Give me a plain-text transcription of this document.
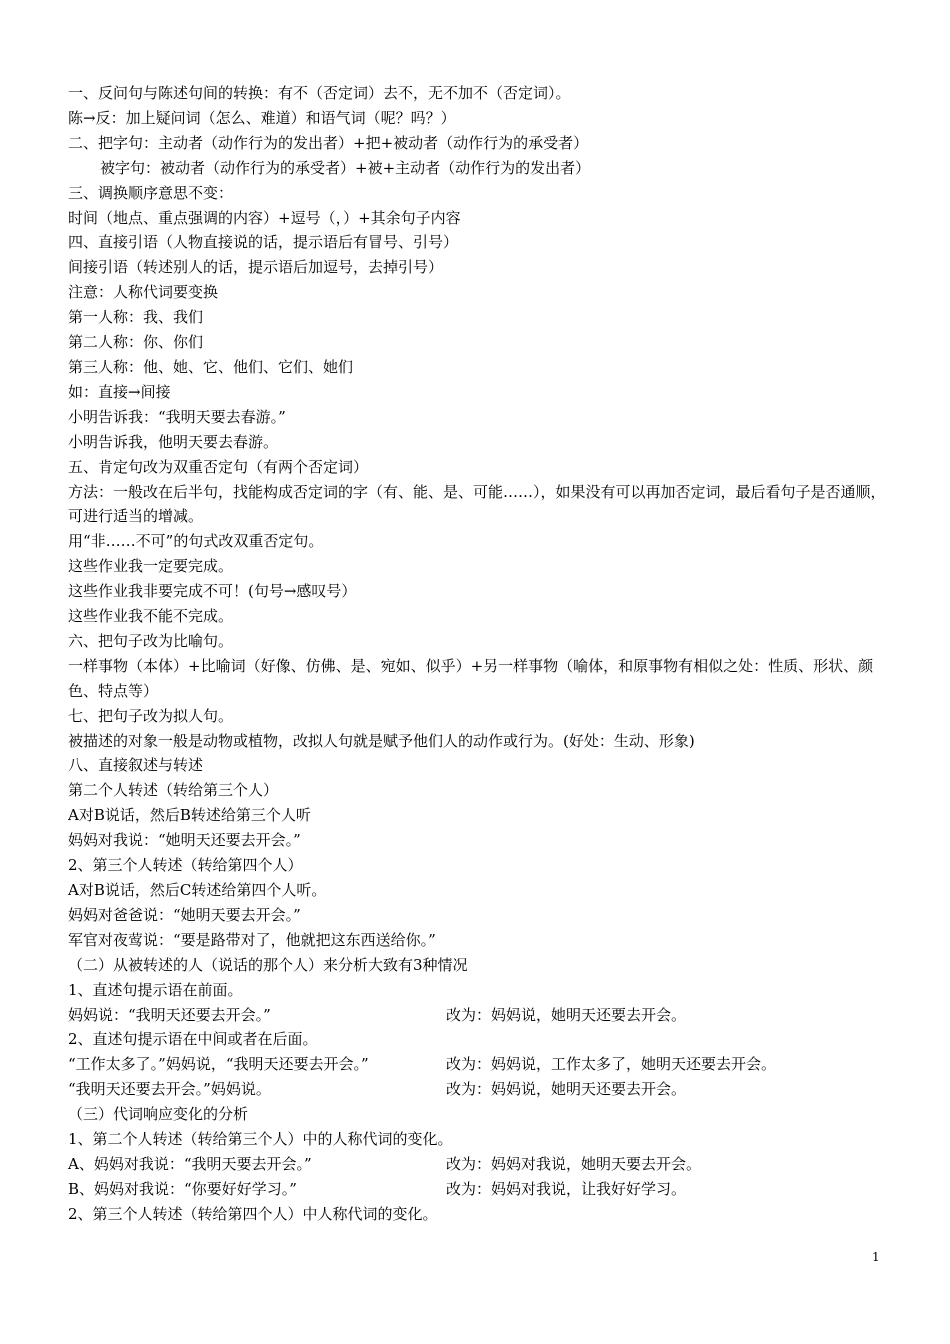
一、反问句与陈述句间的转换：有不（否定词）去不，无不加不（否定词）。
陈→反：加上疑问词（怎么、难道）和语气词（呢？吗？）
二、把字句：主动者（动作行为的发出者）+把+被动者（动作行为的承受者）
被字句：被动者（动作行为的承受者）+被+主动者（动作行为的发出者）
三、调换顺序意思不变：
时间（地点、重点强调的内容）+逗号（，）+其余句子内容
四、直接引语（人物直接说的话，提示语后有冒号、引号）
间接引语（转述别人的话，提示语后加逗号，去掉引号）
注意：人称代词要变换
第一人称：我、我们
第二人称：你、你们
第三人称：他、她、它、他们、它们、她们
如：直接→间接
小明告诉我：“我明天要去春游。”
小明告诉我，他明天要去春游。
五、肯定句改为双重否定句（有两个否定词）
方法：一般改在后半句，找能构成否定词的字（有、能、是、可能……），如果没有可以再加否定词，最后看句子是否通顺，可进行适当的增减。
用“非……不可”的句式改双重否定句。
这些作业我一定要完成。
这些作业我非要完成不可！(句号→感叹号）
这些作业我不能不完成。
六、把句子改为比喻句。
一样事物（本体）+比喻词（好像、仿佛、是、宛如、似乎）+另一样事物（喻体，和原事物有相似之处：性质、形状、颜色、特点等）
七、把句子改为拟人句。
被描述的对象一般是动物或植物，改拟人句就是赋予他们人的动作或行为。(好处：生动、形象)
八、直接叙述与转述
第二个人转述（转给第三个人）
A对B说话，然后B转述给第三个人听
妈妈对我说：“她明天还要去开会。”
2、第三个人转述（转给第四个人）
A对B说话，然后C转述给第四个人听。
妈妈对爸爸说：“她明天要去开会。”
军官对夜莺说：“要是路带对了，他就把这东西送给你。”
（二）从被转述的人（说话的那个人）来分析大致有3种情况
1、直述句提示语在前面。
妈妈说：“我明天还要去开会。”	改为：妈妈说，她明天还要去开会。
2、直述句提示语在中间或者在后面。
“工作太多了。”妈妈说，“我明天还要去开会。”	改为：妈妈说，工作太多了，她明天还要去开会。
“我明天还要去开会。”妈妈说。	改为：妈妈说，她明天还要去开会。
（三）代词响应变化的分析
1、第二个人转述（转给第三个人）中的人称代词的变化。
A、妈妈对我说：“我明天要去开会。”	改为：妈妈对我说，她明天要去开会。
B、妈妈对我说：“你要好好学习。”	改为：妈妈对我说，让我好好学习。
2、第三个人转述（转给第四个人）中人称代词的变化。
1
